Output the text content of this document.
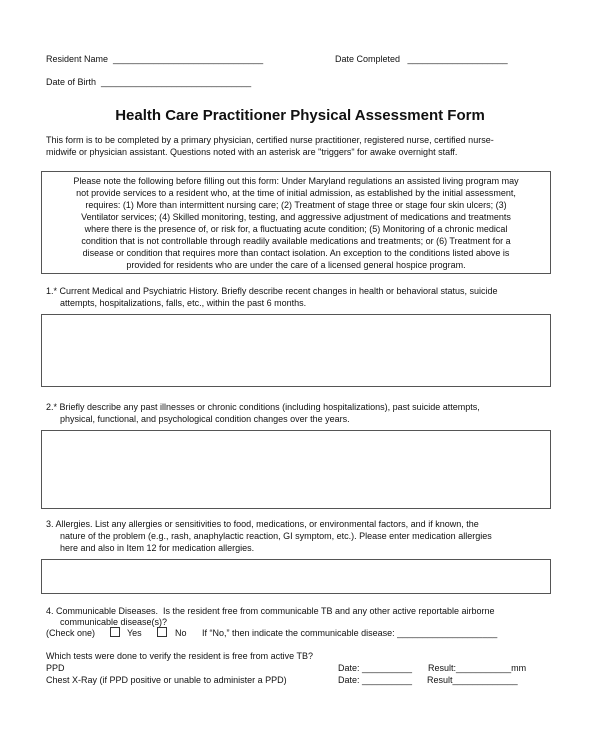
Resident Name  ______________________________	Date Completed   ____________________
Date of Birth  ______________________________
Health Care Practitioner Physical Assessment Form
This form is to be completed by a primary physician, certified nurse practitioner, registered nurse, certified nurse-
midwife or physician assistant. Questions noted with an asterisk are "triggers" for awake overnight staff.
Please note the following before filling out this form: Under Maryland regulations an assisted living program may
not provide services to a resident who, at the time of initial admission, as established by the initial assessment,
requires: (1) More than intermittent nursing care; (2) Treatment of stage three or stage four skin ulcers; (3)
Ventilator services; (4) Skilled monitoring, testing, and aggressive adjustment of medications and treatments
where there is the presence of, or risk for, a fluctuating acute condition; (5) Monitoring of a chronic medical
condition that is not controllable through readily available medications and treatments; or (6) Treatment for a
disease or condition that requires more than contact isolation. An exception to the conditions listed above is
provided for residents who are under the care of a licensed general hospice program.
1.* Current Medical and Psychiatric History. Briefly describe recent changes in health or behavioral status, suicide
attempts, hospitalizations, falls, etc., within the past 6 months.
2.* Briefly describe any past illnesses or chronic conditions (including hospitalizations), past suicide attempts,
physical, functional, and psychological condition changes over the years.
3. Allergies. List any allergies or sensitivities to food, medications, or environmental factors, and if known, the
nature of the problem (e.g., rash, anaphylactic reaction, GI symptom, etc.). Please enter medication allergies
here and also in Item 12 for medication allergies.
4. Communicable Diseases.  Is the resident free from communicable TB and any other active reportable airborne
communicable disease(s)?
(Check one)	Yes	No If “No,” then indicate the communicable disease: ____________________
Which tests were done to verify the resident is free from active TB?
PPD	Date: __________ Result:___________mm
Chest X-Ray (if PPD positive or unable to administer a PPD)	Date: __________ Result_____________
